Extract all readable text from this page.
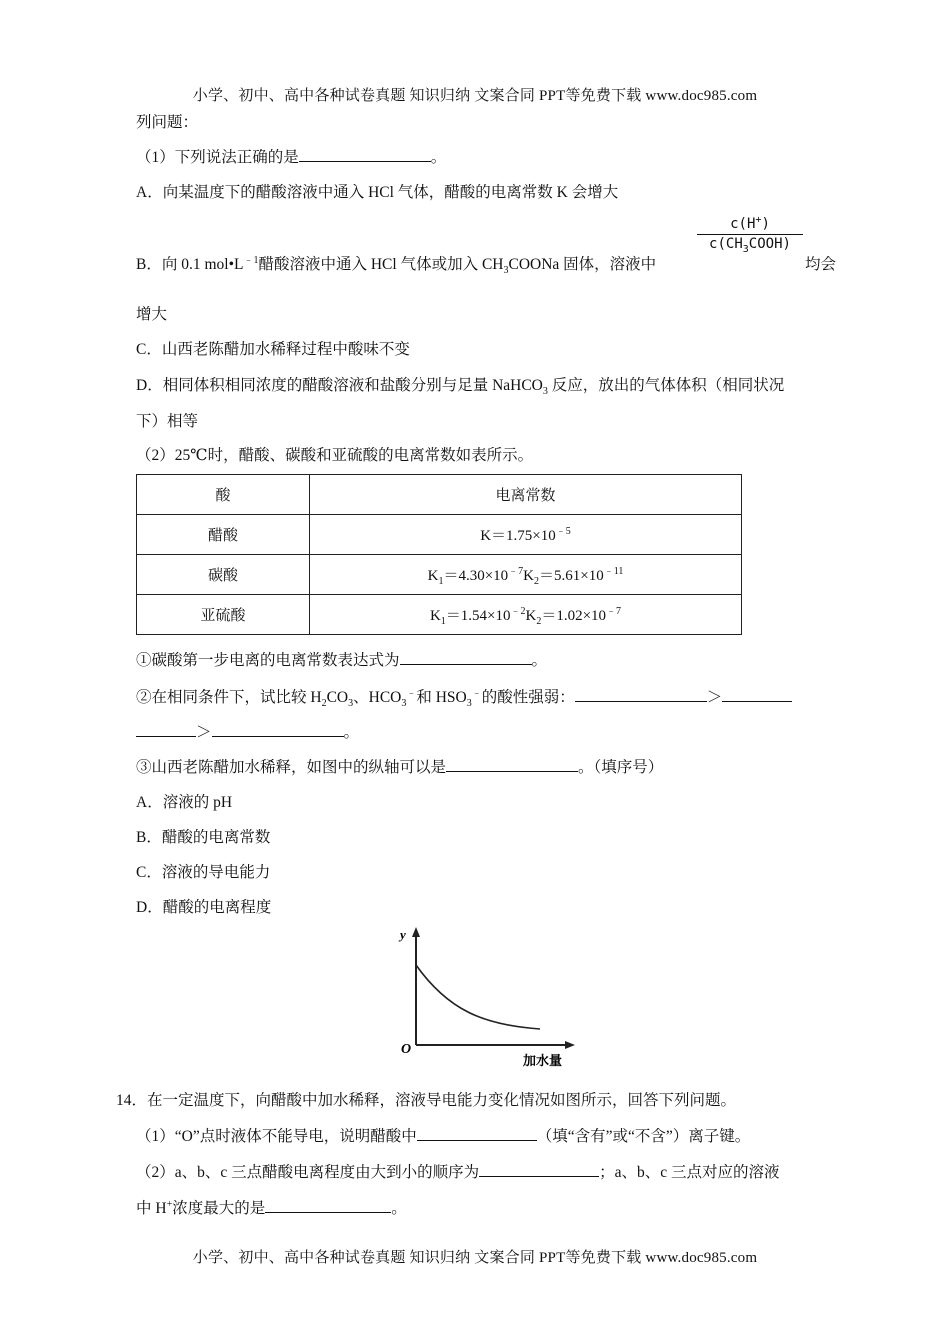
小学、初中、高中各种试卷真题 知识归纳 文案合同 PPT等免费下载 www.doc985.com
列问题：
（1）下列说法正确的是	。
A．向某温度下的醋酸溶液中通入 HCl 气体，醋酸的电离常数 K 会增大
B．向 0.1 $mol•L^{﹣1}$醋酸溶液中通入 HCl 气体或加入 $CH_3COONa$ 固体，溶液中
c(H+)
$c(CH_3COOH)$
均会
增大
C．山西老陈醋加水稀释过程中酸味不变
D．相同体积相同浓度的醋酸溶液和盐酸分别与足量 NaHCO$_3$ 反应，放出的气体体积（相同状况
下）相等
（2）25℃时，醋酸、碳酸和亚硫酸的电离常数如表所示。
酸	电离常数
醋酸	$K=1.75\times 10^{﹣5}$
碳酸	$K_1=4.30\times 10^{﹣7}K_2=5.61\times 10^{﹣11}$
亚硫酸	$K_1=1.54\times 10^{﹣2}K_2=1.02\times 10^{﹣7}$
①碳酸第一步电离的电离常数表达式为	。
②在相同条件下，试比较 $H_2CO_3$、$HCO_3^﹣$和 $HSO_3^﹣$的酸性强弱：	＞
＞	。
③山西老陈醋加水稀释，如图中的纵轴可以是	。（填序号）
A．溶液的 pH
B．醋酸的电离常数
C．溶液的导电能力
D．醋酸的电离程度
y
O
加水量
14．在一定温度下，向醋酸中加水稀释，溶液导电能力变化情况如图所示，回答下列问题。
（1）“O”点时液体不能导电，说明醋酸中	（填“含有”或“不含”）离子键。
（2）a、b、c 三点醋酸电离程度由大到小的顺序为	；a、b、c 三点对应的溶液
中 H+浓度最大的是	。
小学、初中、高中各种试卷真题 知识归纳 文案合同 PPT等免费下载 www.doc985.com
